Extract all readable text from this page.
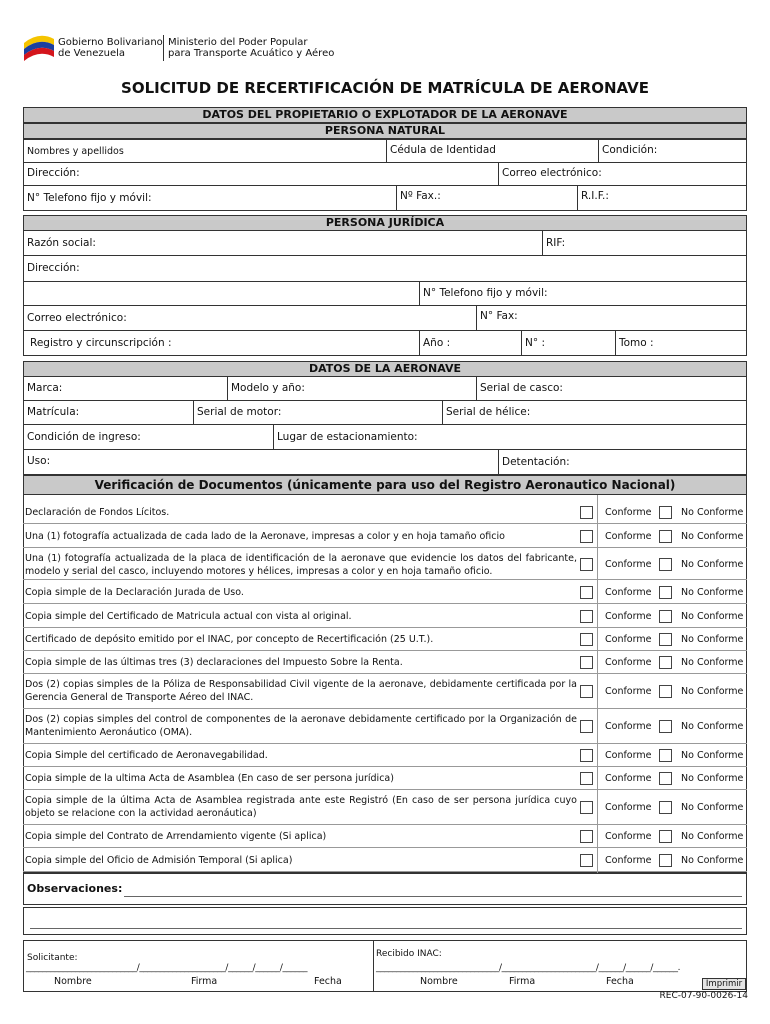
Gobierno Bolivariano
de Venezuela
Ministerio del Poder Popular
para Transporte Acuático y Aéreo
SOLICITUD DE RECERTIFICACIÓN DE MATRÍCULA DE AERONAVE
DATOS DEL PROPIETARIO O EXPLOTADOR DE LA AERONAVE
PERSONA NATURAL
Nombres y apellidos	Cédula de Identidad	Condición:
Dirección:	Correo electrónico:
N° Telefono fijo y móvil:	Nº Fax.:	R.I.F.:
PERSONA JURÍDICA
Razón social:	RIF:
Dirección:
N° Telefono fijo y móvil:
Correo electrónico:	N° Fax:
Registro y circunscripción :	Año :	N° :	Tomo :
DATOS DE LA AERONAVE
Marca:	Modelo y año:	Serial de casco:
Matrícula:	Serial de motor:	Serial de hélice:
Condición de ingreso:	Lugar de estacionamiento:
Uso:	Detentación:
Verificación de Documentos (únicamente para uso del Registro Aeronautico Nacional)
Declaración de Fondos Lícitos.	Conforme	No Conforme
Una (1) fotografía actualizada de cada lado de la Aeronave, impresas a color y en hoja tamaño oficio	Conforme	No Conforme
Una (1) fotografía actualizada de la placa de identificación de la aeronave que evidencie los datos del fabricante, modelo y serial del casco, incluyendo motores y hélices, impresas a color y en hoja tamaño oficio.
Conforme	No Conforme
Copia simple de la Declaración Jurada de Uso.	Conforme	No Conforme
Copia simple del Certificado de Matricula actual con vista al original.	Conforme	No Conforme
Certificado de depósito emitido por el INAC, por concepto de Recertificación (25 U.T.).	Conforme	No Conforme
Copia simple de las últimas tres (3) declaraciones del Impuesto Sobre la Renta.	Conforme	No Conforme
Dos (2) copias simples de la Póliza de Responsabilidad Civil vigente de la aeronave, debidamente certificada por la Gerencia General de Transporte Aéreo del INAC.
Conforme	No Conforme
Dos (2) copias simples del control de componentes de la aeronave debidamente certificado por la Organización de Mantenimiento Aeronáutico (OMA).
Conforme	No Conforme
Copia Simple del certificado de Aeronavegabilidad.	Conforme	No Conforme
Copia simple de la ultima Acta de Asamblea (En caso de ser persona jurídica)	Conforme	No Conforme
Copia simple de la última Acta de Asamblea registrada ante este Registró (En caso de ser persona jurídica cuyo objeto se relacione con la actividad aeronáutica)
Conforme	No Conforme
Copia simple del Contrato de Arrendamiento vigente (Si aplica)	Conforme	No Conforme
Copia simple del Oficio de Admisión Temporal (Si aplica)	Conforme	No Conforme
Observaciones:
Solicitante:
___________________________/_____________________/______/______/______
Nombre	Firma	Fecha
Recibido INAC:
______________________________/_______________________/______/______/______.
Nombre	Firma	Fecha	Imprimir
REC-07-90-0026-14
